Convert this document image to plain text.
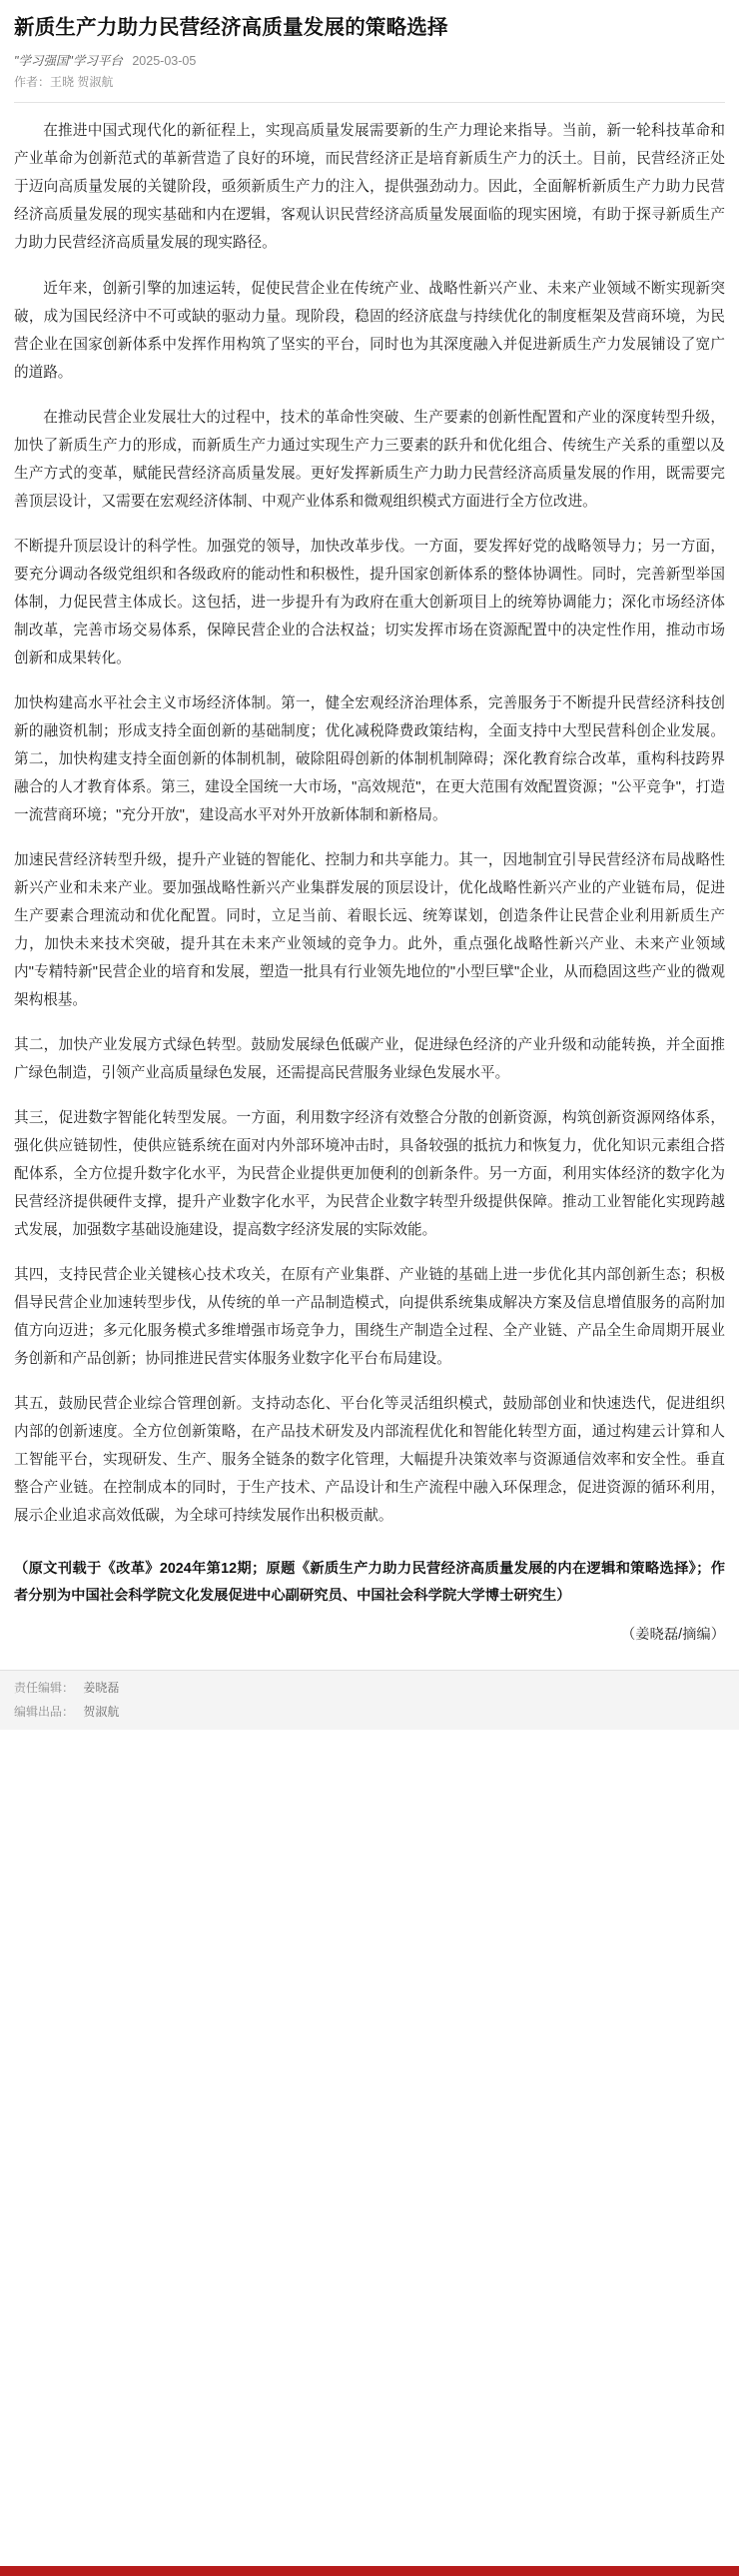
新质生产力助力民营经济高质量发展的策略选择
"学习强国"学习平台 2025-03-05
作者：王晓 贺淑航

在推进中国式现代化的新征程上，实现高质量发展需要新的生产力理论来指导。当前，新一轮科技革命和产业革命为创新范式的革新营造了良好的环境，而民营经济正是培育新质生产力的沃土。目前，民营经济正处于迈向高质量发展的关键阶段，亟须新质生产力的注入，提供强劲动力。因此，全面解析新质生产力助力民营经济高质量发展的现实基础和内在逻辑，客观认识民营经济高质量发展面临的现实困境，有助于探寻新质生产力助力民营经济高质量发展的现实路径。

近年来，创新引擎的加速运转，促使民营企业在传统产业、战略性新兴产业、未来产业领域不断实现新突破，成为国民经济中不可或缺的驱动力量。现阶段，稳固的经济底盘与持续优化的制度框架及营商环境，为民营企业在国家创新体系中发挥作用构筑了坚实的平台，同时也为其深度融入并促进新质生产力发展铺设了宽广的道路。

在推动民营企业发展壮大的过程中，技术的革命性突破、生产要素的创新性配置和产业的深度转型升级，加快了新质生产力的形成，而新质生产力通过实现生产力三要素的跃升和优化组合、传统生产关系的重塑以及生产方式的变革，赋能民营经济高质量发展。更好发挥新质生产力助力民营经济高质量发展的作用，既需要完善顶层设计，又需要在宏观经济体制、中观产业体系和微观组织模式方面进行全方位改进。

不断提升顶层设计的科学性。加强党的领导，加快改革步伐。一方面，要发挥好党的战略领导力；另一方面，要充分调动各级党组织和各级政府的能动性和积极性，提升国家创新体系的整体协调性。同时，完善新型举国体制，力促民营主体成长。这包括，进一步提升有为政府在重大创新项目上的统筹协调能力；深化市场经济体制改革，完善市场交易体系，保障民营企业的合法权益；切实发挥市场在资源配置中的决定性作用，推动市场创新和成果转化。

加快构建高水平社会主义市场经济体制。第一，健全宏观经济治理体系，完善服务于不断提升民营经济科技创新的融资机制；形成支持全面创新的基础制度；优化减税降费政策结构，全面支持中大型民营科创企业发展。第二，加快构建支持全面创新的体制机制，破除阻碍创新的体制机制障碍；深化教育综合改革，重构科技跨界融合的人才教育体系。第三，建设全国统一大市场，"高效规范"，在更大范围有效配置资源；"公平竞争"，打造一流营商环境；"充分开放"，建设高水平对外开放新体制和新格局。

加速民营经济转型升级，提升产业链的智能化、控制力和共享能力。其一，因地制宜引导民营经济布局战略性新兴产业和未来产业。要加强战略性新兴产业集群发展的顶层设计，优化战略性新兴产业的产业链布局，促进生产要素合理流动和优化配置。同时，立足当前、着眼长远、统筹谋划，创造条件让民营企业利用新质生产力，加快未来技术突破，提升其在未来产业领域的竞争力。此外，重点强化战略性新兴产业、未来产业领域内"专精特新"民营企业的培育和发展，塑造一批具有行业领先地位的"小型巨擘"企业，从而稳固这些产业的微观架构根基。

其二，加快产业发展方式绿色转型。鼓励发展绿色低碳产业，促进绿色经济的产业升级和动能转换，并全面推广绿色制造，引领产业高质量绿色发展，还需提高民营服务业绿色发展水平。

其三，促进数字智能化转型发展。一方面，利用数字经济有效整合分散的创新资源，构筑创新资源网络体系，强化供应链韧性，使供应链系统在面对内外部环境冲击时，具备较强的抵抗力和恢复力，优化知识元素组合搭配体系，全方位提升数字化水平，为民营企业提供更加便利的创新条件。另一方面，利用实体经济的数字化为民营经济提供硬件支撑，提升产业数字化水平，为民营企业数字转型升级提供保障。推动工业智能化实现跨越式发展，加强数字基础设施建设，提高数字经济发展的实际效能。

其四，支持民营企业关键核心技术攻关，在原有产业集群、产业链的基础上进一步优化其内部创新生态；积极倡导民营企业加速转型步伐，从传统的单一产品制造模式，向提供系统集成解决方案及信息增值服务的高附加值方向迈进；多元化服务模式多维增强市场竞争力，围绕生产制造全过程、全产业链、产品全生命周期开展业务创新和产品创新；协同推进民营实体服务业数字化平台布局建设。

其五，鼓励民营企业综合管理创新。支持动态化、平台化等灵活组织模式，鼓励部创业和快速迭代，促进组织内部的创新速度。全方位创新策略，在产品技术研发及内部流程优化和智能化转型方面，通过构建云计算和人工智能平台，实现研发、生产、服务全链条的数字化管理，大幅提升决策效率与资源通信效率和安全性。垂直整合产业链。在控制成本的同时，于生产技术、产品设计和生产流程中融入环保理念，促进资源的循环利用，展示企业追求高效低碳，为全球可持续发展作出积极贡献。

（原文刊载于《改革》2024年第12期；原题《新质生产力助力民营经济高质量发展的内在逻辑和策略选择》；作者分别为中国社会科学院文化发展促进中心副研究员、中国社会科学院大学博士研究生）

（姜晓磊/摘编）

责任编辑： 姜晓磊
编辑出品： 贺淑航
